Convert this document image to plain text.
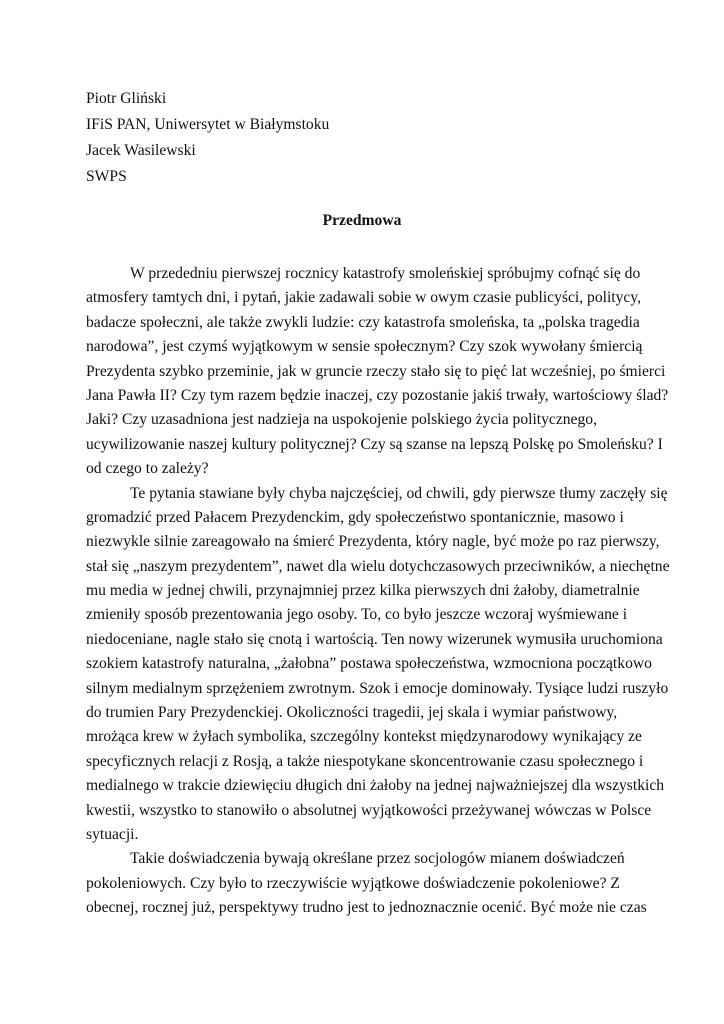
Piotr Gliński
IFiS PAN, Uniwersytet w Białymstoku
Jacek Wasilewski
SWPS
Przedmowa
W przededniu pierwszej rocznicy katastrofy smoleńskiej spróbujmy cofnąć się do
atmosfery tamtych dni, i pytań, jakie zadawali sobie w owym czasie publicyści, politycy,
badacze społeczni, ale także zwykli ludzie: czy katastrofa smoleńska, ta „polska tragedia
narodowa”, jest czymś wyjątkowym w sensie społecznym? Czy szok wywołany śmiercią
Prezydenta szybko przeminie, jak w gruncie rzeczy stało się to pięć lat wcześniej, po śmierci
Jana Pawła II? Czy tym razem będzie inaczej, czy pozostanie jakiś trwały, wartościowy ślad?
Jaki? Czy uzasadniona jest nadzieja na uspokojenie polskiego życia politycznego,
ucywilizowanie naszej kultury politycznej? Czy są szanse na lepszą Polskę po Smoleńsku? I
od czego to zależy?
Te pytania stawiane były chyba najczęściej, od chwili, gdy pierwsze tłumy zaczęły się
gromadzić przed Pałacem Prezydenckim, gdy społeczeństwo spontanicznie, masowo i
niezwykle silnie zareagowało na śmierć Prezydenta, który nagle, być może po raz pierwszy,
stał się „naszym prezydentem”, nawet dla wielu dotychczasowych przeciwników, a niechętne
mu media w jednej chwili, przynajmniej przez kilka pierwszych dni żałoby, diametralnie
zmieniły sposób prezentowania jego osoby. To, co było jeszcze wczoraj wyśmiewane i
niedoceniane, nagle stało się cnotą i wartością. Ten nowy wizerunek wymusiła uruchomiona
szokiem katastrofy naturalna, „żałobna” postawa społeczeństwa, wzmocniona początkowo
silnym medialnym sprzężeniem zwrotnym. Szok i emocje dominowały. Tysiące ludzi ruszyło
do trumien Pary Prezydenckiej. Okoliczności tragedii, jej skala i wymiar państwowy,
mrożąca krew w żyłach symbolika, szczególny kontekst międzynarodowy wynikający ze
specyficznych relacji z Rosją, a także niespotykane skoncentrowanie czasu społecznego i
medialnego w trakcie dziewięciu długich dni żałoby na jednej najważniejszej dla wszystkich
kwestii, wszystko to stanowiło o absolutnej wyjątkowości przeżywanej wówczas w Polsce
sytuacji.
Takie doświadczenia bywają określane przez socjologów mianem doświadczeń
pokoleniowych. Czy było to rzeczywiście wyjątkowe doświadczenie pokoleniowe? Z
obecnej, rocznej już, perspektywy trudno jest to jednoznacznie ocenić. Być może nie czas
